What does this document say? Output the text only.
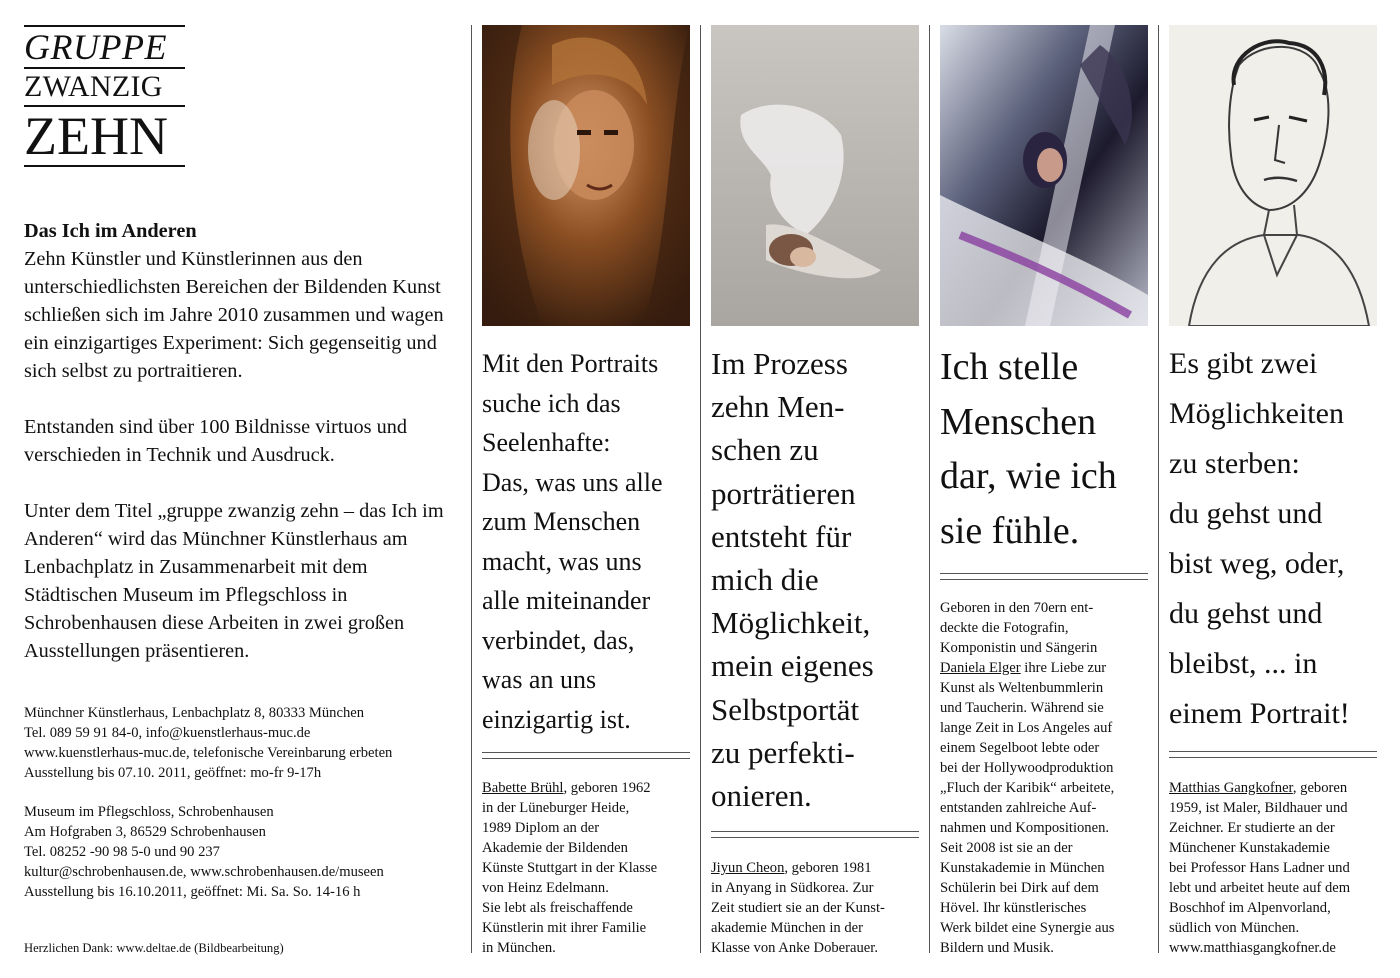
GRUPPE
ZWANZIG
ZEHN
Das Ich im Anderen

Zehn Künstler und Künstlerinnen aus den unterschiedlichsten Bereichen der Bildenden Kunst schließen sich im Jahre 2010 zusammen und wagen ein einzigartiges Experiment: Sich gegenseitig und sich selbst zu portraitieren.

Entstanden sind über 100 Bildnisse virtuos und verschieden in Technik und Ausdruck.

Unter dem Titel „gruppe zwanzig zehn – das Ich im Anderen“ wird das Münchner Künstlerhaus am Lenbachplatz in Zusammenarbeit mit dem Städtischen Museum im Pflegschloss in Schrobenhausen diese Arbeiten in zwei großen Ausstellungen präsentieren.

Münchner Künstlerhaus, Lenbachplatz 8, 80333 München

Tel. 089 59 91 84-0, info@kuenstlerhaus-muc.de

www.kuenstlerhaus-muc.de, telefonische Vereinbarung erbeten

Ausstellung bis 07.10. 2011, geöffnet: mo-fr 9-17h

Museum im Pflegschloss, Schrobenhausen

Am Hofgraben 3, 86529 Schrobenhausen

Tel. 08252 -90 98 5-0 und 90 237

kultur@schrobenhausen.de, www.schrobenhausen.de/museen

Ausstellung bis 16.10.2011, geöffnet: Mi. Sa. So. 14-16 h

Herzlichen Dank: www.deltae.de (Bildbearbeitung)
Mit den Portraits
suche ich das
Seelenhafte:
Das, was uns alle
zum Menschen
macht, was uns
alle miteinander
verbindet, das,
was an uns
einzigartig ist.
Im Prozess
zehn Men-
schen zu
porträtieren
entsteht für
mich die
Möglichkeit,
mein eigenes
Selbstportät
zu perfekti-
onieren.
Ich stelle
Menschen
dar, wie ich
sie fühle.
Es gibt zwei
Möglichkeiten
zu sterben:
du gehst und
bist weg, oder,
du gehst und
bleibst, ... in
einem Portrait!
Babette Brühl, geboren 1962
in der Lüneburger Heide,
1989 Diplom an der
Akademie der Bildenden
Künste Stuttgart in der Klasse
von Heinz Edelmann.
Sie lebt als freischaffende
Künstlerin mit ihrer Familie
in München.
Jiyun Cheon, geboren 1981
in Anyang in Südkorea. Zur
Zeit studiert sie an der Kunst-
akademie München in der
Klasse von Anke Doberauer.
Geboren in den 70ern ent-
deckte die Fotografin,
Komponistin und Sängerin
Daniela Elger ihre Liebe zur
Kunst als Weltenbummlerin
und Taucherin. Während sie
lange Zeit in Los Angeles auf
einem Segelboot lebte oder
bei der Hollywoodproduktion
„Fluch der Karibik“ arbeitete,
entstanden zahlreiche Auf-
nahmen und Kompositionen.
Seit 2008 ist sie an der
Kunstakademie in München
Schülerin bei Dirk auf dem
Hövel. Ihr künstlerisches
Werk bildet eine Synergie aus
Bildern und Musik.
Matthias Gangkofner, geboren
1959, ist Maler, Bildhauer und
Zeichner. Er studierte an der
Münchener Kunstakademie
bei Professor Hans Ladner und
lebt und arbeitet heute auf dem
Boschhof im Alpenvorland,
südlich von München.
www.matthiasgangkofner.de
